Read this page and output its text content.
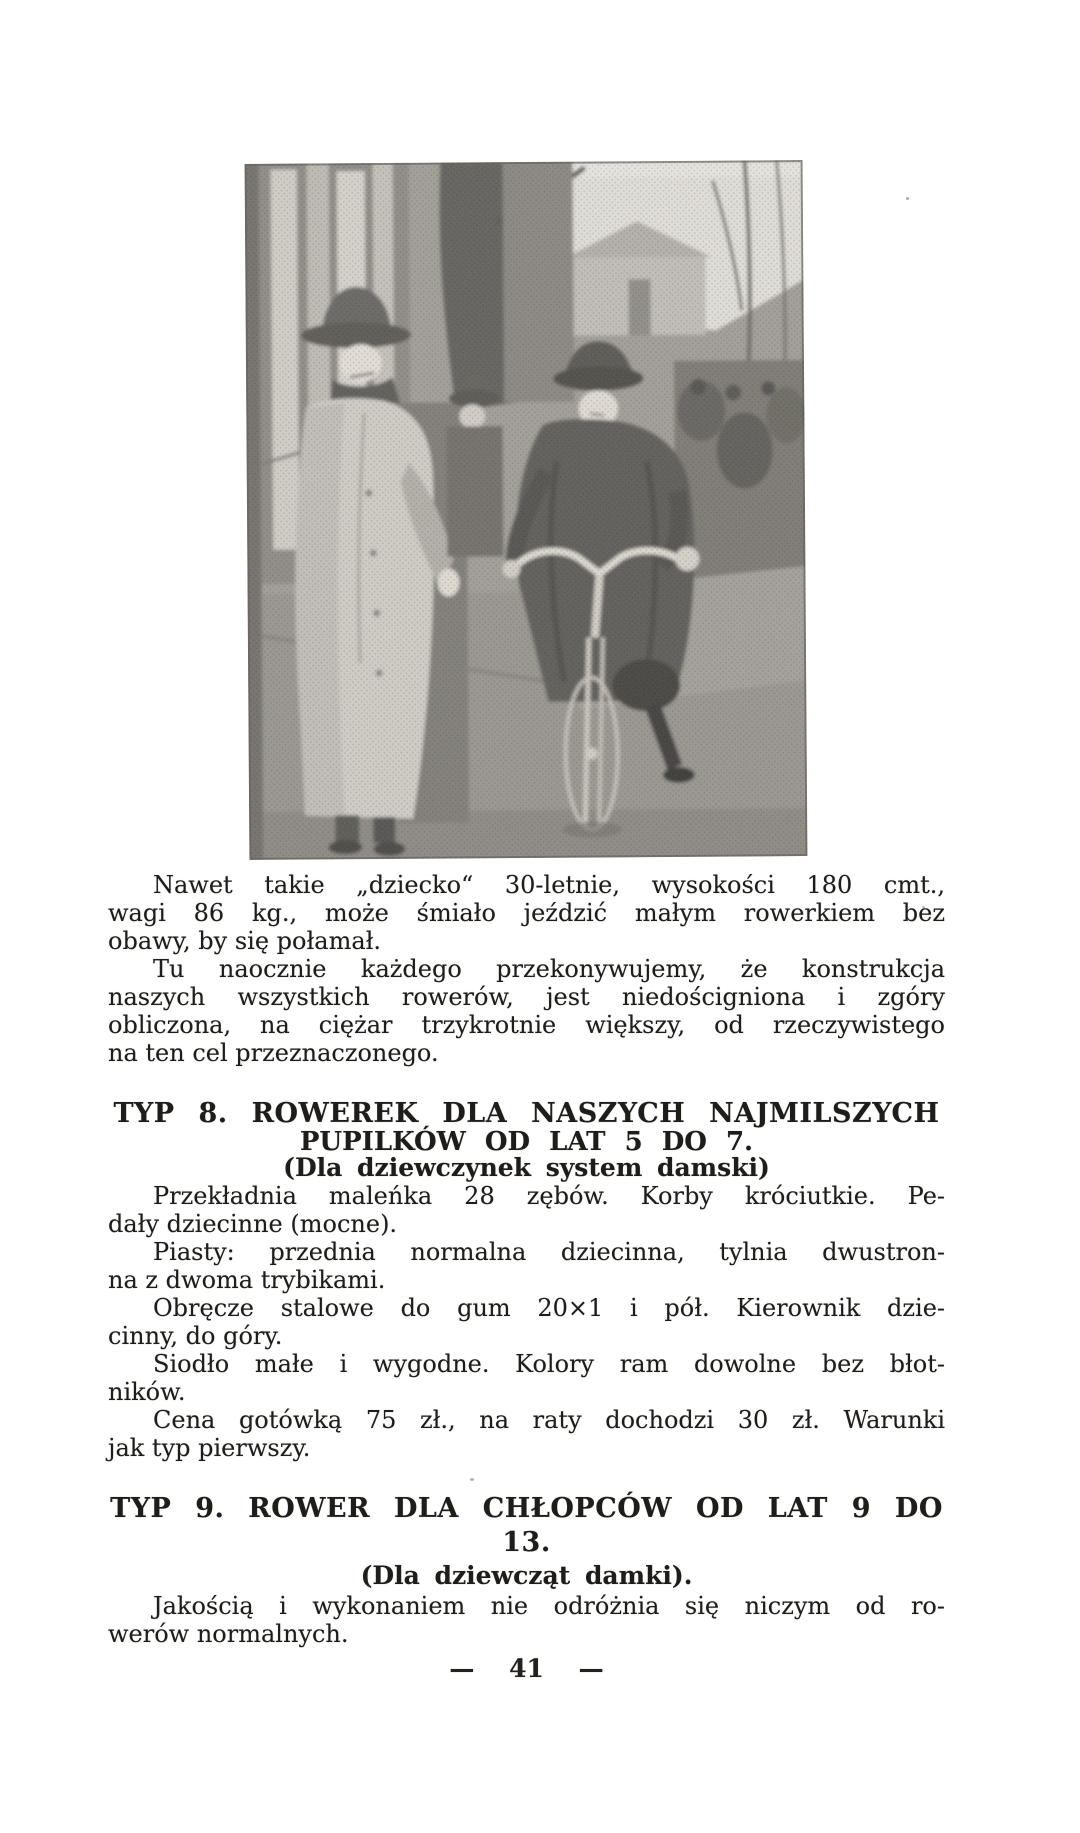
Nawet takie „dziecko“ 30-letnie, wysokości 180 cmt.,
wagi 86 kg., może śmiało jeździć małym rowerkiem bez
obawy, by się połamał.

Tu naocznie każdego przekonywujemy, że konstrukcja
naszych wszystkich rowerów, jest niedościgniona i zgóry
obliczona, na ciężar trzykrotnie większy, od rzeczywistego
na ten cel przeznaczonego.

TYP 8. ROWEREK DLA NASZYCH NAJMILSZYCH
PUPILKÓW OD LAT 5 DO 7.
(Dla dziewczynek system damski)

Przekładnia maleńka 28 zębów. Korby króciutkie. Pe-
dały dziecinne (mocne).

Piasty: przednia normalna dziecinna, tylnia dwustron-
na z dwoma trybikami.

Obręcze stalowe do gum 20×1 i pół. Kierownik dzie-
cinny, do góry.

Siodło małe i wygodne. Kolory ram dowolne bez błot-
ników.

Cena gotówką 75 zł., na raty dochodzi 30 zł. Warunki
jak typ pierwszy.

TYP 9. ROWER DLA CHŁOPCÓW OD LAT 9 DO 13.
(Dla dziewcząt damki).

Jakością i wykonaniem nie odróżnia się niczym od ro-
werów normalnych.

— 41 —
